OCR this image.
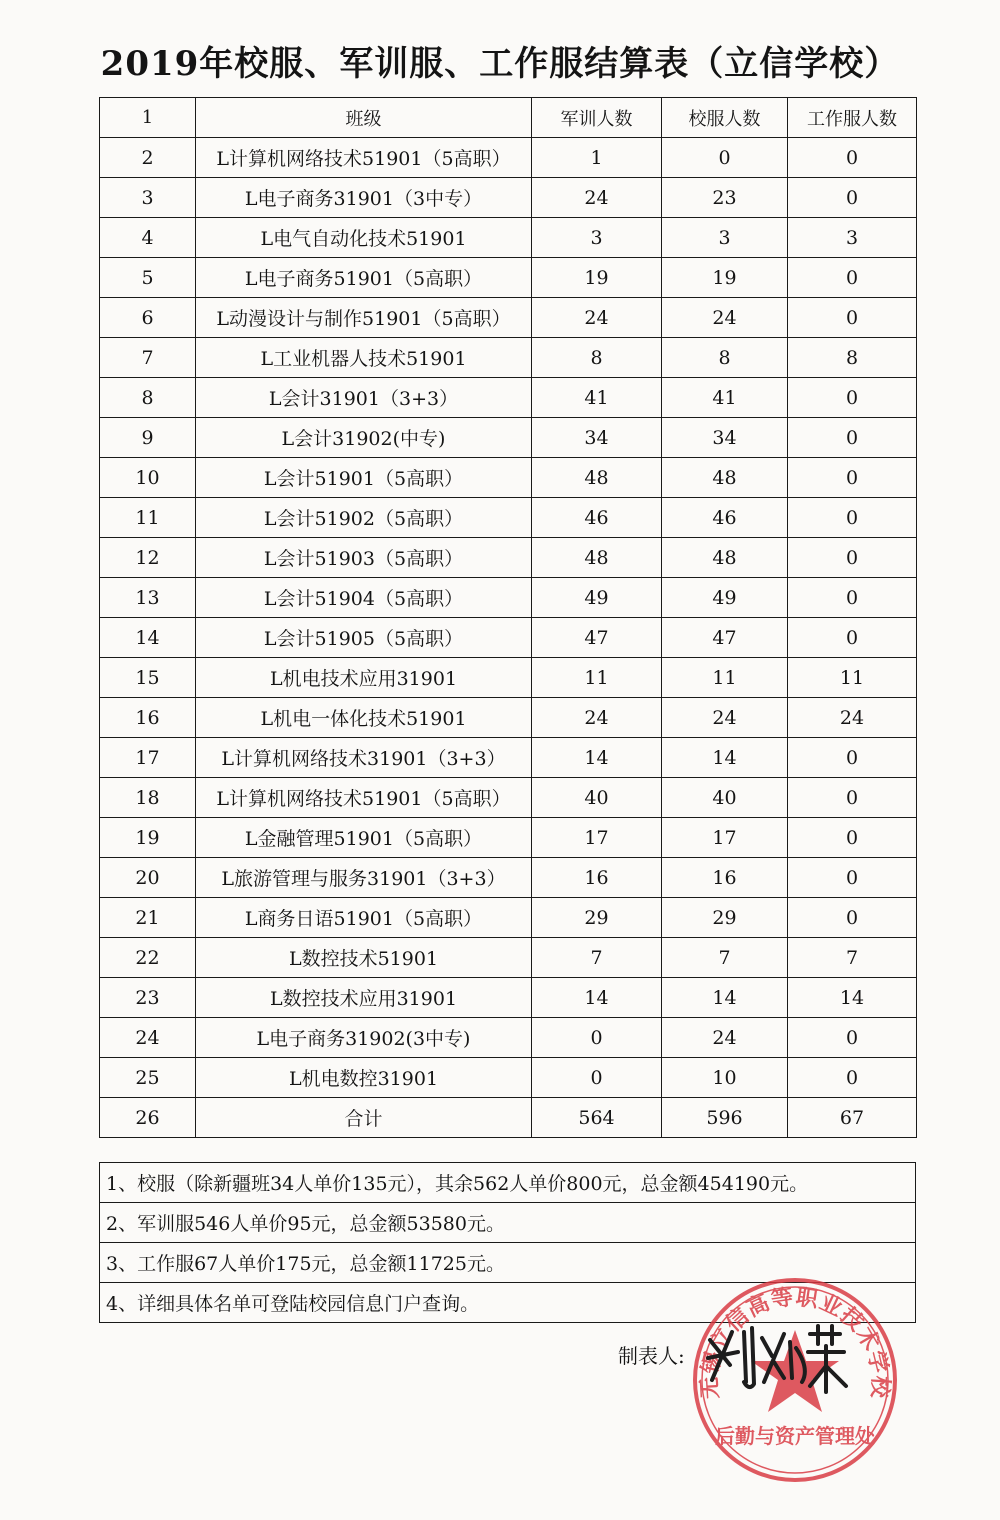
2019年校服、军训服、工作服结算表（立信学校）
1	班级	军训人数	校服人数	工作服人数
2	L计算机网络技术51901（5高职）	1	0	0
3	L电子商务31901（3中专）	24	23	0
4	L电气自动化技术51901	3	3	3
5	L电子商务51901（5高职）	19	19	0
6	L动漫设计与制作51901（5高职）	24	24	0
7	L工业机器人技术51901	8	8	8
8	L会计31901（3+3）	41	41	0
9	L会计31902(中专)	34	34	0
10	L会计51901（5高职）	48	48	0
11	L会计51902（5高职）	46	46	0
12	L会计51903（5高职）	48	48	0
13	L会计51904（5高职）	49	49	0
14	L会计51905（5高职）	47	47	0
15	L机电技术应用31901	11	11	11
16	L机电一体化技术51901	24	24	24
17	L计算机网络技术31901（3+3）	14	14	0
18	L计算机网络技术51901（5高职）	40	40	0
19	L金融管理51901（5高职）	17	17	0
20	L旅游管理与服务31901（3+3）	16	16	0
21	L商务日语51901（5高职）	29	29	0
22	L数控技术51901	7	7	7
23	L数控技术应用31901	14	14	14
24	L电子商务31902(3中专)	0	24	0
25	L机电数控31901	0	10	0
26	合计	564	596	67
1、校服（除新疆班34人单价135元），其余562人单价800元，总金额454190元。
2、军训服546人单价95元，总金额53580元。
3、工作服67人单价175元，总金额11725元。
4、详细具体名单可登陆校园信息门户查询。
制表人:
无锡立信高等职业技术学校
后勤与资产管理处
